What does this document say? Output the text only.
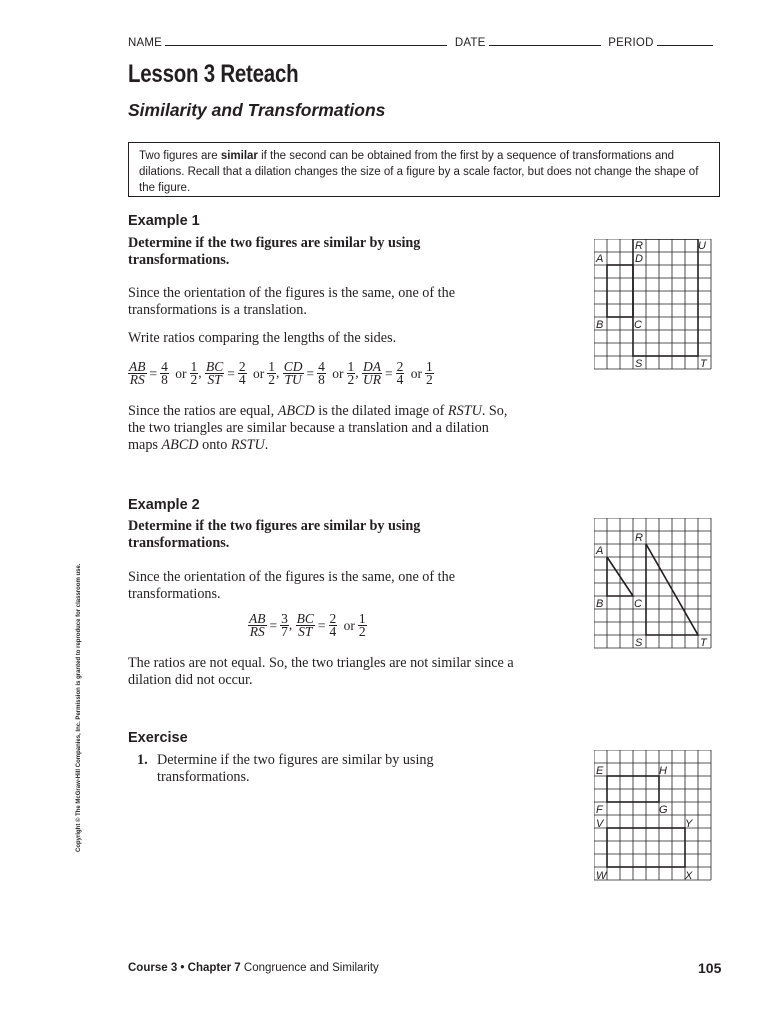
NAME	DATE	PERIOD
Lesson 3 Reteach
Similarity and Transformations
Two figures are similar if the second can be obtained from the first by a sequence of transformations and dilations. Recall that a dilation changes the size of a figure by a scale factor, but does not change the shape of the figure.
Example 1
Determine if the two figures are similar by using transformations.
Since the orientation of the figures is the same, one of the transformations is a translation.
Write ratios comparing the lengths of the sides.
$\frac{AB}{RS} = \frac{4}{8}$ or $\frac{1}{2}$ , $\frac{BC}{ST} = \frac{2}{4}$ or $\frac{1}{2}$ , $\frac{CD}{TU} = \frac{4}{8}$ or $\frac{1}{2}$ , $\frac{DA}{UR} = \frac{2}{4}$ or $\frac{1}{2}$
Since the ratios are equal, ABCD is the dilated image of RSTU. So, the two triangles are similar because a translation and a dilation maps ABCD onto RSTU.
A	D
R	U
B	C
S	T
Example 2
Determine if the two figures are similar by using transformations.
Since the orientation of the figures is the same, one of the transformations.
$\frac{AB}{RS} = \frac{3}{7}$ , $\frac{BC}{ST} = \frac{2}{4}$ or $\frac{1}{2}$
The ratios are not equal. So, the two triangles are not similar since a dilation did not occur.
A
B	C
R
S	T
Exercise
1. Determine if the two figures are similar by using transformations.	E	H
F	G
V	Y
W	X
Copyright © The McGraw-Hill Companies, Inc. Permission is granted to reproduce for classroom use.
Course 3 • Chapter 7 Congruence and Similarity	105
